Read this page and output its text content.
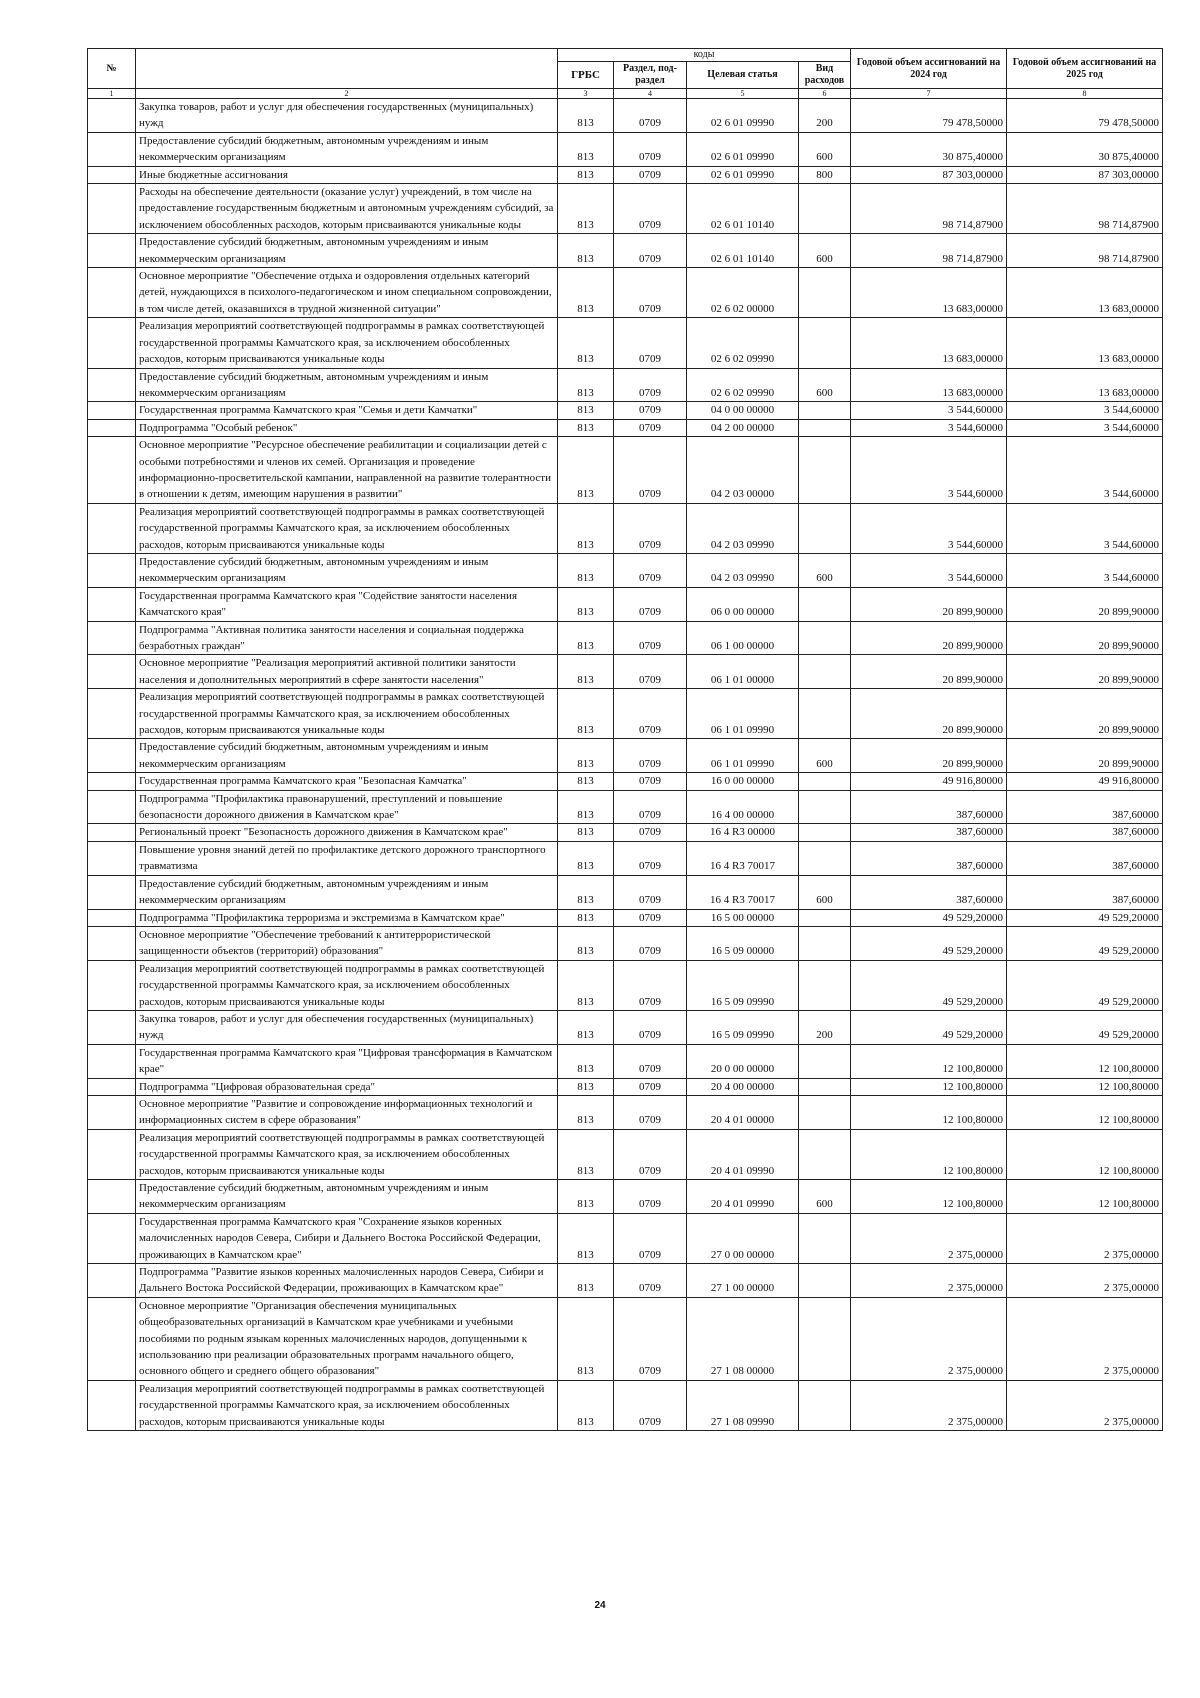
№		коды				Годовой объем ассигнований на 2024 год	Годовой объем ассигнований на 2025 год
		ГРБС	Раздел, под-раздел	Целевая статья	Вид расходов		
1	2	3	4	5	6	7	8
	Закупка товаров, работ и услуг для обеспечения государственных (муниципальных) нужд	813	0709	02 6 01 09990	200	79 478,50000	79 478,50000
	Предоставление субсидий бюджетным, автономным учреждениям и иным некоммерческим организациям	813	0709	02 6 01 09990	600	30 875,40000	30 875,40000
	Иные бюджетные ассигнования	813	0709	02 6 01 09990	800	87 303,00000	87 303,00000
	Расходы на обеспечение деятельности (оказание услуг) учреждений, в том числе на предоставление государственным бюджетным и автономным учреждениям субсидий, за исключением обособленных расходов, которым присваиваются уникальные коды	813	0709	02 6 01 10140		98 714,87900	98 714,87900
	Предоставление субсидий бюджетным, автономным учреждениям и иным некоммерческим организациям	813	0709	02 6 01 10140	600	98 714,87900	98 714,87900
	Основное мероприятие "Обеспечение отдыха и оздоровления отдельных категорий детей, нуждающихся в психолого-педагогическом и ином специальном сопровождении, в том числе детей, оказавшихся в трудной жизненной ситуации"	813	0709	02 6 02 00000		13 683,00000	13 683,00000
	Реализация мероприятий соответствующей подпрограммы в рамках соответствующей государственной программы Камчатского края, за исключением обособленных расходов, которым присваиваются уникальные коды	813	0709	02 6 02 09990		13 683,00000	13 683,00000
	Предоставление субсидий бюджетным, автономным учреждениям и иным некоммерческим организациям	813	0709	02 6 02 09990	600	13 683,00000	13 683,00000
	Государственная программа Камчатского края "Семья и дети Камчатки"	813	0709	04 0 00 00000		3 544,60000	3 544,60000
	Подпрограмма "Особый ребенок"	813	0709	04 2 00 00000		3 544,60000	3 544,60000
	Основное мероприятие "Ресурсное обеспечение реабилитации и социализации детей с особыми потребностями и членов их семей. Организация и проведение информационно-просветительской кампании, направленной на развитие толерантности в отношении к детям, имеющим нарушения в развитии"	813	0709	04 2 03 00000		3 544,60000	3 544,60000
	Реализация мероприятий соответствующей подпрограммы в рамках соответствующей государственной программы Камчатского края, за исключением обособленных расходов, которым присваиваются уникальные коды	813	0709	04 2 03 09990		3 544,60000	3 544,60000
	Предоставление субсидий бюджетным, автономным учреждениям и иным некоммерческим организациям	813	0709	04 2 03 09990	600	3 544,60000	3 544,60000
	Государственная программа Камчатского края "Содействие занятости населения Камчатского края"	813	0709	06 0 00 00000		20 899,90000	20 899,90000
	Подпрограмма "Активная политика занятости населения и социальная поддержка безработных граждан"	813	0709	06 1 00 00000		20 899,90000	20 899,90000
	Основное мероприятие "Реализация мероприятий активной политики занятости населения и дополнительных мероприятий в сфере занятости населения"	813	0709	06 1 01 00000		20 899,90000	20 899,90000
	Реализация мероприятий соответствующей подпрограммы в рамках соответствующей государственной программы Камчатского края, за исключением обособленных расходов, которым присваиваются уникальные коды	813	0709	06 1 01 09990		20 899,90000	20 899,90000
	Предоставление субсидий бюджетным, автономным учреждениям и иным некоммерческим организациям	813	0709	06 1 01 09990	600	20 899,90000	20 899,90000
	Государственная программа Камчатского края "Безопасная Камчатка"	813	0709	16 0 00 00000		49 916,80000	49 916,80000
	Подпрограмма "Профилактика правонарушений, преступлений и повышение безопасности дорожного движения в Камчатском крае"	813	0709	16 4 00 00000		387,60000	387,60000
	Региональный проект "Безопасность дорожного движения в Камчатском крае"	813	0709	16 4 R3 00000		387,60000	387,60000
	Повышение уровня знаний детей по профилактике детского дорожного транспортного травматизма	813	0709	16 4 R3 70017		387,60000	387,60000
	Предоставление субсидий бюджетным, автономным учреждениям и иным некоммерческим организациям	813	0709	16 4 R3 70017	600	387,60000	387,60000
	Подпрограмма "Профилактика терроризма и экстремизма в Камчатском крае"	813	0709	16 5 00 00000		49 529,20000	49 529,20000
	Основное мероприятие "Обеспечение требований к антитеррористической защищенности объектов (территорий) образования"	813	0709	16 5 09 00000		49 529,20000	49 529,20000
	Реализация мероприятий соответствующей подпрограммы в рамках соответствующей государственной программы Камчатского края, за исключением обособленных расходов, которым присваиваются уникальные коды	813	0709	16 5 09 09990		49 529,20000	49 529,20000
	Закупка товаров, работ и услуг для обеспечения государственных (муниципальных) нужд	813	0709	16 5 09 09990	200	49 529,20000	49 529,20000
	Государственная программа Камчатского края "Цифровая трансформация в Камчатском крае"	813	0709	20 0 00 00000		12 100,80000	12 100,80000
	Подпрограмма "Цифровая образовательная среда"	813	0709	20 4 00 00000		12 100,80000	12 100,80000
	Основное мероприятие "Развитие и сопровождение информационных технологий и информационных систем в сфере образования"	813	0709	20 4 01 00000		12 100,80000	12 100,80000
	Реализация мероприятий соответствующей подпрограммы в рамках соответствующей государственной программы Камчатского края, за исключением обособленных расходов, которым присваиваются уникальные коды	813	0709	20 4 01 09990		12 100,80000	12 100,80000
	Предоставление субсидий бюджетным, автономным учреждениям и иным некоммерческим организациям	813	0709	20 4 01 09990	600	12 100,80000	12 100,80000
	Государственная программа Камчатского края "Сохранение языков коренных малочисленных народов Севера, Сибири и Дальнего Востока Российской Федерации, проживающих в Камчатском крае"	813	0709	27 0 00 00000		2 375,00000	2 375,00000
	Подпрограмма "Развитие языков коренных малочисленных народов Севера, Сибири и Дальнего Востока Российской Федерации, проживающих в Камчатском крае"	813	0709	27 1 00 00000		2 375,00000	2 375,00000
	Основное мероприятие "Организация обеспечения муниципальных общеобразовательных организаций в Камчатском крае учебниками и учебными пособиями по родным языкам коренных малочисленных народов, допущенными к использованию при реализации образовательных программ начального общего, основного общего и среднего общего образования"	813	0709	27 1 08 00000		2 375,00000	2 375,00000
	Реализация мероприятий соответствующей подпрограммы в рамках соответствующей государственной программы Камчатского края, за исключением обособленных расходов, которым присваиваются уникальные коды	813	0709	27 1 08 09990		2 375,00000	2 375,00000
24
